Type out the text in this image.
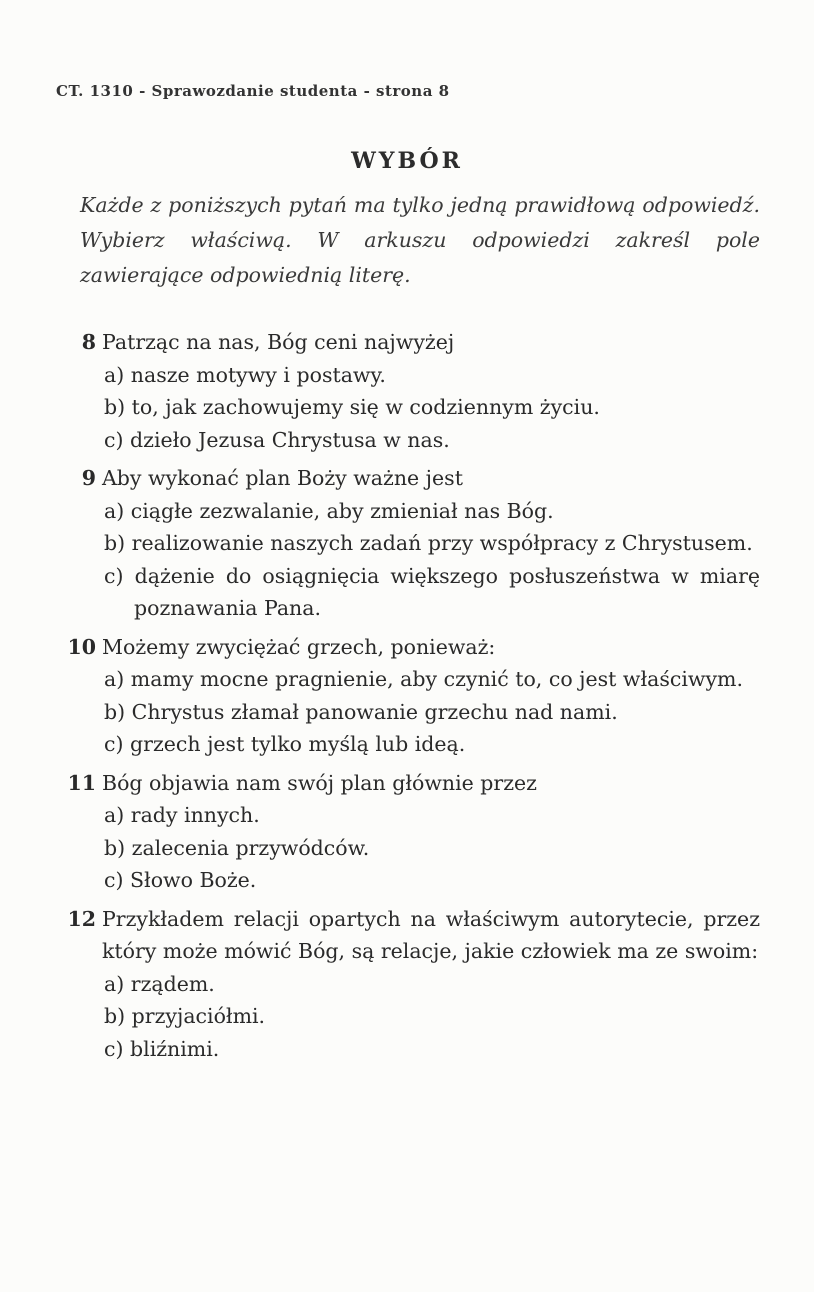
CT. 1310 - Sprawozdanie studenta - strona 8
WYBÓR
Każde z poniższych pytań ma tylko jedną prawidłową odpowiedź. Wybierz właściwą. W arkuszu odpowiedzi zakreśl pole zawierające odpowiednią literę.
8 Patrząc na nas, Bóg ceni najwyżej
a) nasze motywy i postawy.
b) to, jak zachowujemy się w codziennym życiu.
c) dzieło Jezusa Chrystusa w nas.
9 Aby wykonać plan Boży ważne jest
a) ciągłe zezwalanie, aby zmieniał nas Bóg.
b) realizowanie naszych zadań przy współpracy z Chrystusem.
c) dążenie do osiągnięcia większego posłuszeństwa w miarę poznawania Pana.
10 Możemy zwyciężać grzech, ponieważ:
a) mamy mocne pragnienie, aby czynić to, co jest właściwym.
b) Chrystus złamał panowanie grzechu nad nami.
c) grzech jest tylko myślą lub ideą.
11 Bóg objawia nam swój plan głównie przez
a) rady innych.
b) zalecenia przywódców.
c) Słowo Boże.
12 Przykładem relacji opartych na właściwym autorytecie, przez który może mówić Bóg, są relacje, jakie człowiek ma ze swoim:
a) rządem.
b) przyjaciółmi.
c) bliźnimi.
